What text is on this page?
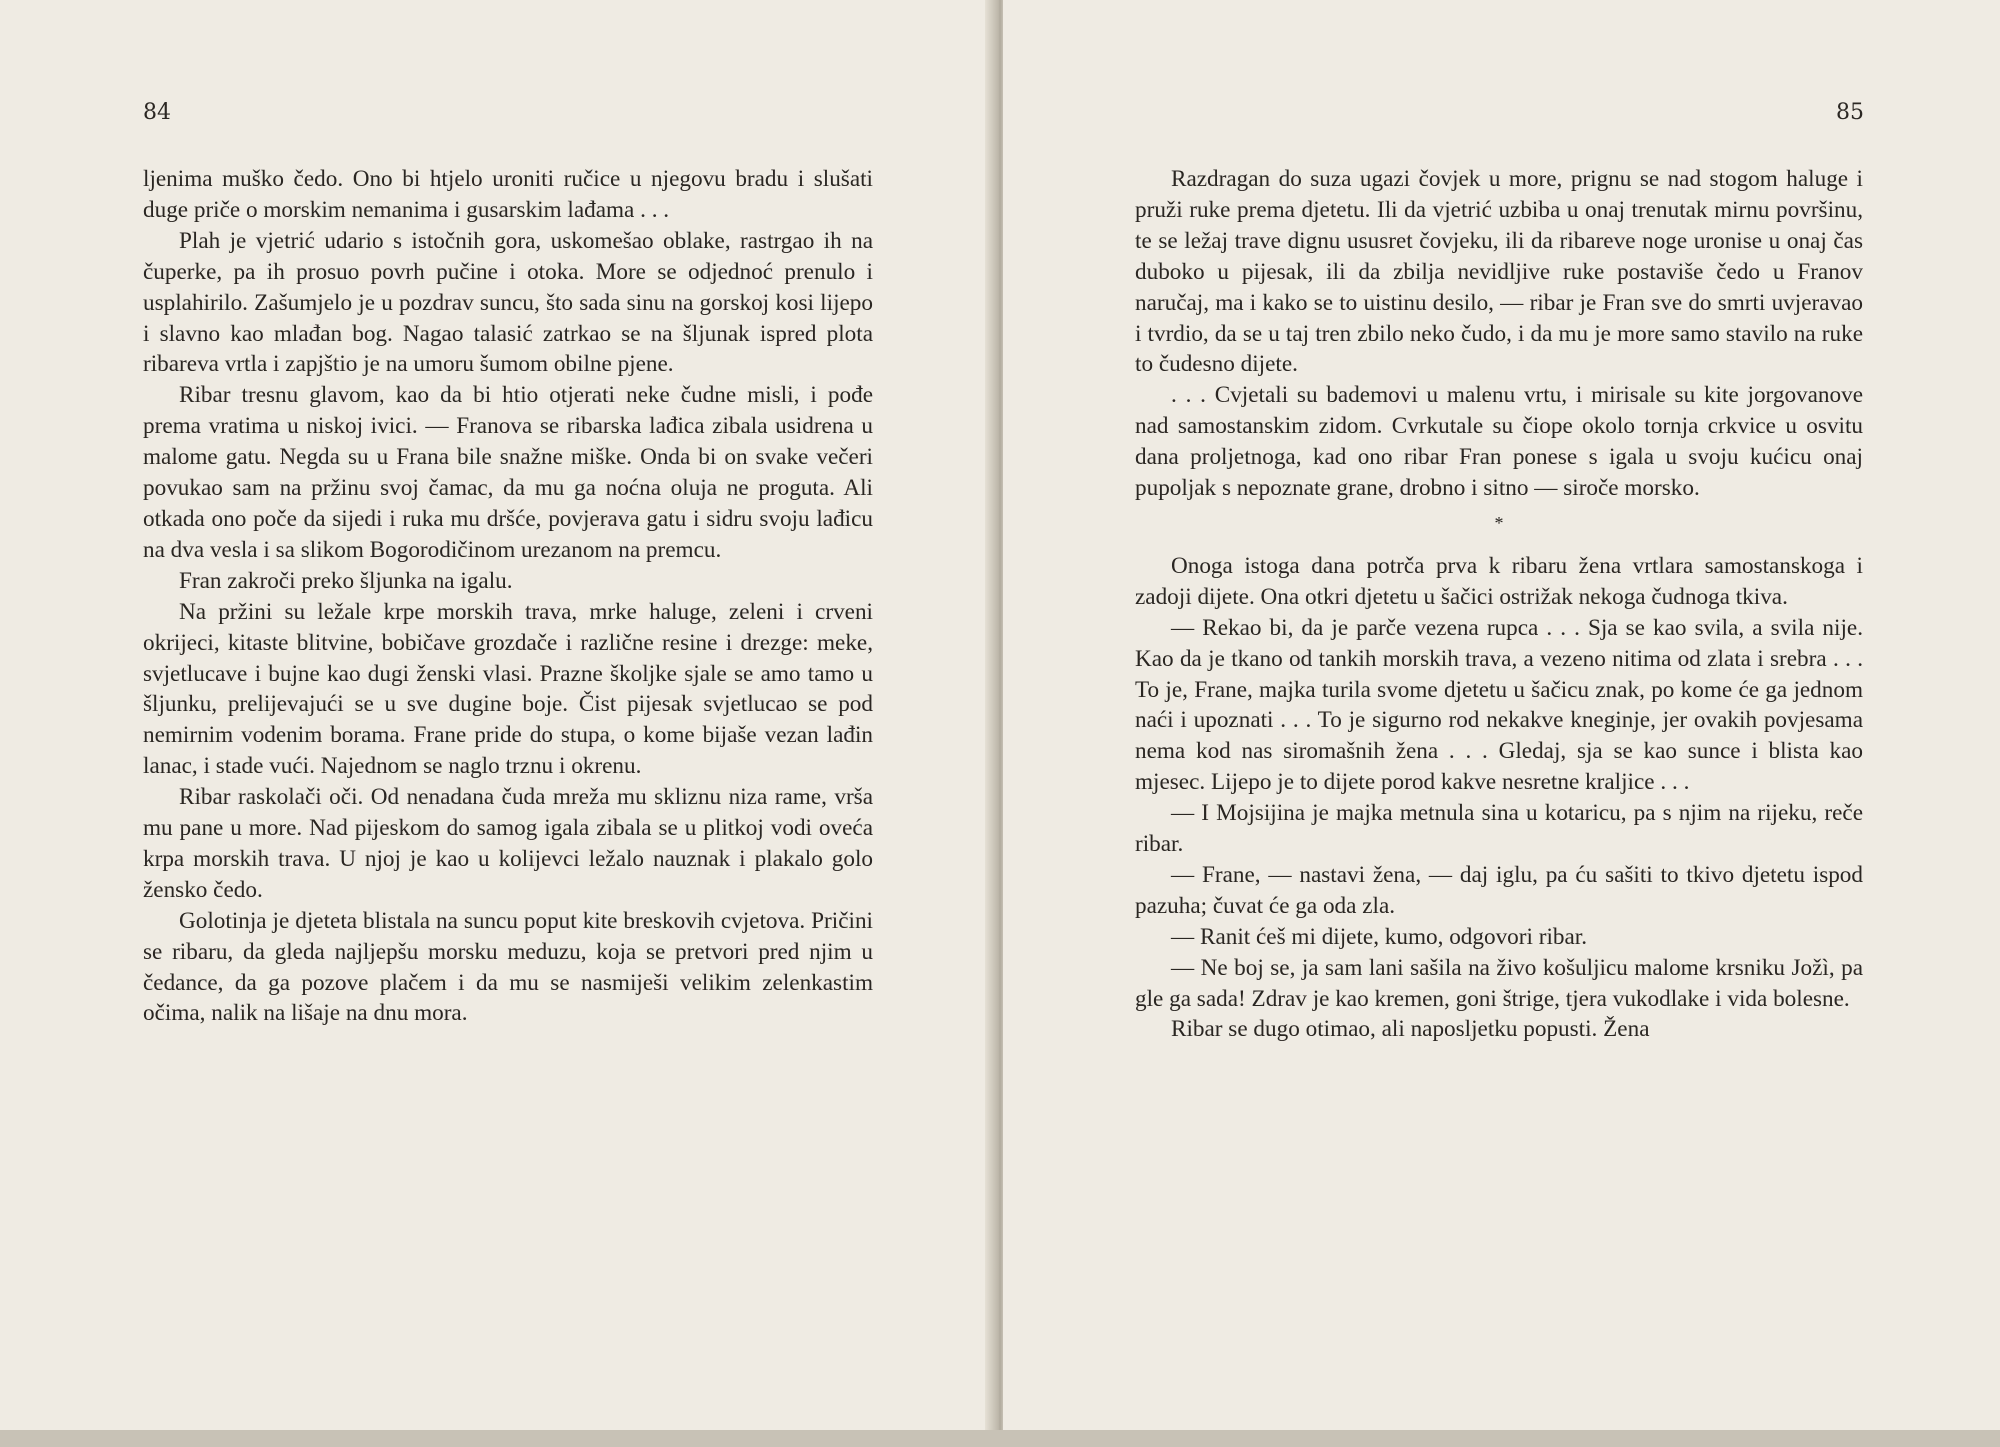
84

ljenima muško čedo. Ono bi htjelo uroniti ručice u njegovu bradu i slušati duge priče o morskim nemanima i gusarskim lađama . . .

Plah je vjetrić udario s istočnih gora, uskomešao oblake, rastrgao ih na čuperke, pa ih prosuo povrh pučine i otoka. More se odjednoć prenulo i usplahirilo. Zašumjelo je u pozdrav suncu, što sada sinu na gorskoj kosi lijepo i slavno kao mlađan bog. Nagao talasić zatrkao se na šljunak ispred plota ribareva vrtla i zapjštio je na umoru šumom obilne pjene.

Ribar tresnu glavom, kao da bi htio otjerati neke čudne misli, i pođe prema vratima u niskoj ivici. — Franova se ribarska lađica zibala usidrena u malome gatu. Negda su u Frana bile snažne miške. Onda bi on svake večeri povukao sam na pržinu svoj čamac, da mu ga noćna oluja ne proguta. Ali otkada ono poče da sijedi i ruka mu dršće, povjerava gatu i sidru svoju lađicu na dva vesla i sa slikom Bogorodičinom urezanom na premcu.

Fran zakroči preko šljunka na igalu.

Na pržini su ležale krpe morskih trava, mrke haluge, zeleni i crveni okrijeci, kitaste blitvine, bobičave grozdače i različne resine i drezge: meke, svjetlucave i bujne kao dugi ženski vlasi. Prazne školjke sjale se amo tamo u šljunku, prelijevajući se u sve dugine boje. Čist pijesak svjetlucao se pod nemirnim vodenim borama. Frane pride do stupa, o kome bijaše vezan lađin lanac, i stade vući. Najednom se naglo trznu i okrenu.

Ribar raskolači oči. Od nenadana čuda mreža mu skliznu niza rame, vrša mu pane u more. Nad pijeskom do samog igala zibala se u plitkoj vodi oveća krpa morskih trava. U njoj je kao u kolijevci ležalo nauznak i plakalo golo žensko čedo.

Golotinja je djeteta blistala na suncu poput kite breskovih cvjetova. Pričini se ribaru, da gleda najljepšu morsku meduzu, koja se pretvori pred njim u čedance, da ga pozove plačem i da mu se nasmiješi velikim zelenkastim očima, nalik na lišaje na dnu mora.

85

Razdragan do suza ugazi čovjek u more, prignu se nad stogom haluge i pruži ruke prema djetetu. Ili da vjetrić uzbiba u onaj trenutak mirnu površinu, te se ležaj trave dignu ususret čovjeku, ili da ribareve noge uronise u onaj čas duboko u pijesak, ili da zbilja nevidljive ruke postaviše čedo u Franov naručaj, ma i kako se to uistinu desilo, — ribar je Fran sve do smrti uvjeravao i tvrdio, da se u taj tren zbilo neko čudo, i da mu je more samo stavilo na ruke to čudesno dijete.

. . . Cvjetali su bademovi u malenu vrtu, i mirisale su kite jorgovanove nad samostanskim zidom. Cvrkutale su čiope okolo tornja crkvice u osvitu dana proljetnoga, kad ono ribar Fran ponese s igala u svoju kućicu onaj pupoljak s nepoznate grane, drobno i sitno — siroče morsko.

*

Onoga istoga dana potrča prva k ribaru žena vrtlara samostanskoga i zadoji dijete. Ona otkri djetetu u šačici ostrižak nekoga čudnoga tkiva.

— Rekao bi, da je parče vezena rupca . . . Sja se kao svila, a svila nije. Kao da je tkano od tankih morskih trava, a vezeno nitima od zlata i srebra . . . To je, Frane, majka turila svome djetetu u šačicu znak, po kome će ga jednom naći i upoznati . . . To je sigurno rod nekakve kneginje, jer ovakih povjesama nema kod nas siromašnih žena . . . Gledaj, sja se kao sunce i blista kao mjesec. Lijepo je to dijete porod kakve nesretne kraljice . . .

— I Mojsijina je majka metnula sina u kotaricu, pa s njim na rijeku, reče ribar.

— Frane, — nastavi žena, — daj iglu, pa ću sašiti to tkivo djetetu ispod pazuha; čuvat će ga oda zla.

— Ranit ćeš mi dijete, kumo, odgovori ribar.

— Ne boj se, ja sam lani sašila na živo košuljicu malome krsniku Jožì, pa gle ga sada! Zdrav je kao kremen, goni štrige, tjera vukodlake i vida bolesne.

Ribar se dugo otimao, ali naposljetku popusti. Žena
